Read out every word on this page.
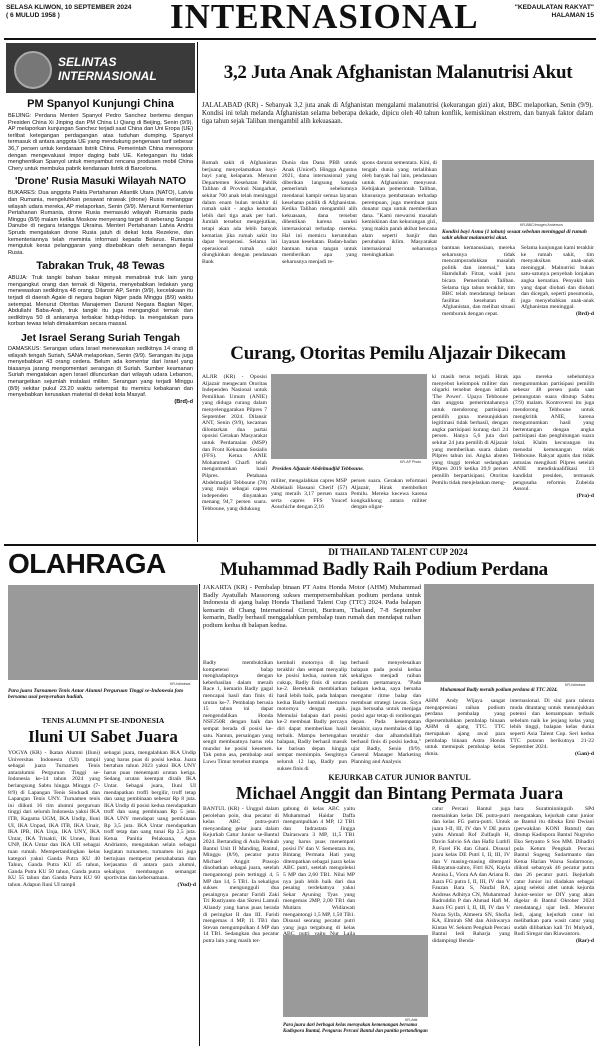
SELASA KLIWON, 10 SEPTEMBER 2024
( 6 MULUD 1958 )	INTERNASIONAL	"KEDAULATAN RAKYAT"
HALAMAN 15
SELINTAS INTERNASIONAL
PM Spanyol Kunjungi China

BEIJING: Perdana Menteri Spanyol Pedro Sanchez bertemu dengan Presiden China Xi Jinping dan PM China Li Qiang di Beijing, Senin (9/9). AP melaporkan kunjungan Sanchez terjadi saat China dan Uni Eropa (UE) terlibat ketegangan perdagangan atas tuduhan dumping. Spanyol termasuk di antara anggota UE yang mendukung pengenaan tarif sebesar 36,7 persen untuk kendaraan listrik China. Pemerintah China merespons dengan mengevaluasi impor daging babi UE. Ketegangan itu tidak menghentikan Spanyol untuk menyambut rencana produsen mobil China Chery untuk membuka pabrik kendaraan listrik di Barcelona.

'Drone' Rusia Masuki Wilayah NATO

BUKARES: Dua anggota Pakta Pertahanan Atlantik Utara (NATO), Latvia dan Rumania, mengeluhkan pesawat nirawak (drone) Rusia melanggar wilayah udara mereka, AP melaporkan, Senin (9/9). Menurut Kementerian Pertahanan Rumania, drone Rusia memasuki wilayah Rumania pada Minggu (8/9) malam ketika Moskow menyerang target di seberang Sungai Danube di negara tetangga Ukraina. Menteri Pertahanan Latvia Andris Spruds mengatakan drone Rusia jatuh di dekat kota Rezekne, dan kementeriannya telah meminta informasi kepada Belarus. Rumania mengutuk keras pelanggaran yang disebabkan oleh serangan ilegal Rusia.

Tabrakan Truk, 48 Tewas

ABUJA: Truk tangki bahan bakar minyak menabrak truk lain yang mengangkut orang dan ternak di Nigeria, menyebabkan ledakan yang menewaskan sedikitnya 48 orang. Dilansir AP, Senin (9/9), kecelakaan itu terjadi di daerah Agaie di negara bagian Niger pada Minggu (8/9) waktu setempat. Menurut Otoritas Manajemen Darurat Negara Bagian Niger, Abdullahi Baba-Arah, truk tangki itu juga mengangkut ternak dan sedikitnya 50 di antaranya terbakar hidup-hidup. Ia mengatakan para korban tewas telah dimakamkan secara massal.

Jet Israel Serang Suriah Tengah

DAMASKUS: Serangan udara Israel menewaskan sedikitnya 14 orang di wilayah tengah Suriah, SANA melaporkan, Senin (9/9). Serangan itu juga menyebabkan 43 orang cedera. Belum ada komentar dari Israel yang biasanya jarang mengomentari serangan di Suriah. Sumber keamanan Suriah mengatakan agen Israel diluncurkan dari wilayah udara Lebanon, menargetkan sejumlah instalasi militer. Serangan yang terjadi Minggu (8/9) sekitar pukul 23.20 waktu setempat itu memicu kebakaran dan menyebabkan kerusakan material di dekat kota Masyaf.

(Brd)-d
3,2 Juta Anak Afghanistan Malanutrisi Akut

JALALABAD (KR) - Sebanyak 3,2 juta anak di Afghanistan mengalami malanutrisi (kekurangan gizi) akut, BBC melaporkan, Senin (9/9). Kondisi ini telah melanda Afghanistan selama beberapa dekade, dipicu oleh 40 tahun konflik, kemiskinan ekstrem, dan banyak faktor dalam tiga tahun sejak Taliban mengambil alih kekuasaan.

Rumah sakit di Afghanistan berjuang menyelamatkan bayi-bayi yang kelaparan. Menurut Departemen Kesehatan Publik Taliban di Provinsi Nangarhar, sekitar 700 anak telah meninggal dalam enam bulan terakhir di rumah sakit - angka kematian lebih dari tiga anak per hari. Jumlah tersebut mengejutkan, tetapi akan ada lebih banyak kematian jika rumah sakit itu dapat beroperasi. Selama ini operasional rumah sakit diungkinkan dengan pendanaan Bank

Dunia dan Dana PBB untuk Anak (Unicef). Hingga Agustus 2021, dana internasional yang diberikan langsung kepada pemerintah sebelumnya mendanai hampir semua layanan kesehatan publik di Afghanistan. Ketika Taliban mengambil alih kekuasaan, dana tersebut dihentikan karena sanksi internasional terhadap mereka. Hal ini memicu keruntuhan layanan kesehatan. Badan-badan bantuan turun tangan untuk memberikan apa yang seharusnya menjadi re-

spons darurat sementara. Kini, di tengah dunia yang terlalihkan oleh banyak hal lain, pendanaan untuk Afghanistan menyusut. Kebijakan pemerintah Taliban, khususnya pembatasan terhadap perempuan, juga membuat para donatur ragu untuk memberikan dana. "Kami mewarisi masalah kemiskinan dan kekurangan gizi, yang makin parah akibat bencana alam seperti banjir dan perubahan iklim. Masyarakat internasional seharusnya meningkatkan

KR-BBC/Imogen Anderson

Kondisi bayi Asma (1 tahun) sesaat sebelum meninggal di rumah sakit akibat malanutrisi akut.

bantuan kemanusiaan, mereka seharusnya tidak mencampuradukkan masalah politik dan internal," kata Hamdullah Fitrat, wakil juru bicara Pemerintah Taliban. Selama tiga tahun terakhir, tim BBC telah mendatangi belasan fasilitas kesehatan di Afghanistan, dan melihat situasi memburuk dengan cepat.

Selama kunjungan kami terakhir ke rumah sakit, tim menyaksikan anak-anak meninggal. Malnutrisi bukan satu-satunya penyebab lonjakan angka kematian. Penyakit lain yang dapat diobati dan diobati dan dicegah, seperti pneumonia, juga menyebabkan anak-anak Afghanistan meninggal.

(Brd)-d
Curang, Otoritas Pemilu Aljazair Dikecam

ALJIR (KR) - Oposisi Aljazair mengecam Otoritas Independen Nasional untuk Pemilihan Umum (ANIE) yang diduga curang dalam menyelenggarakan Pilpres 7 September 2024. Dilansir ANT, Senin (9/9), kecaman dilontarkan dua partai oposisi Gerakan Masyarakat untuk Perdamaian (MSP) dan Front Kekuatan Sosialis (FFS). Ketua ANIE Mohammed Charfi telah mengumumkan hasil Pilpres. Petahana Abdelmadjid Tebboune (78) yang maju sebagai capres independen dinyatakan menang 94,7 persen suara. Tebboune, yang didukung

KR-AP Photo

Presiden Aljazair Abdelmadjid Tebboune.

militer, mengalahkan capres MSP Abdelaali Hassani Cherif (57) yang meraih 3,17 persen suara serta capres FFS Youcef Aouchiche dengan 2,16

persen suara. Gerakan reformasi Aljazair, Hirak membolkot Pemilu. Mereka kecewa karena kongkalikong antara militer dengan oligar-

ki masih terus terjadi. Hirak menyebut kelompok militer dan oligarki tersebut dengan istilah 'The Power'. Upaya Tebboune dan anggota pemerintahannya untuk mendorong partisipasi pemilih guna menunjukkan legitimasi tidak berhasil, dengan angka partisipasi kurang dari 24 persen. Hanya 5,6 juta dari sekitar 24 juta pemilih di Aljazair yang memberikan suara dalam Pilpres tahun ini. Angka absten yang tinggi terekat sedangkan Pilpres 2019 ketika 39,9 persen pemilih berpartisipasi. Otoritas Pemilu tidak menjelaskan meng-

apa mereka sebelumnya mengumumkan partisipasi pemilih sebesar 48 persen pada saat pemungutan suara ditutup Sabtu (7/9) malam. Kontroversi itu juga mendorong Tebboune untuk mengkritik ANIE, karena mengumumkan hasil yang bertentangan dengan angka partisipasi dan penghitungan suara lokal. Klaim kecurangan itu menodai kemenangan telak Tebboune. Rakyat apatis dan tidak antusias mengikuti Pilpres setelah ANIE mendiskualifikasi 13 kandidat presiden, termasuk pengusaha reformis Zubeida Assoul.

(Pra)-d
OLAHRAGA	DI THAILAND TALENT CUP 2024
Muhammad Badly Raih Podium Perdana
KR-Istimewa

Para juara Turnamen Tenis Antar Alumni Perguruan Tinggi se-Indonesia foto bersama usai penyerahan hadiah.

JAKARTA (KR) - Pembalap binaan PT Astra Honda Motor (AHM) Muhammad Badly Ayatullah Massorong sukses mempersembahkan podium perdana untuk Indonesia di ajang balap Honda Thailand Talent Cup (TTC) 2024. Pada balapan kemarin di Chang International Circuit, Buriram, Thailand, 7-8 September kemarin, Badly berhasil menggalahkan pembalap tuan rumah dan mendapat raihan podium kedua di balapan kedua.

KR-Istimewa

Muhammad Badly meraih podium perdana di TTC 2024.

Badly membuktikan kompetensi balap menghadapinya dengan keberhasilan dalam meraih Race 1, kemarin Badly gagal mencapai hasil dan finis di urutan ke-7. Pembalap berusia 15 tahun ini dapat mengendalikan Honda NSF250R dengan baik dan sempat berada di posisi ke-satu. Namun, persaingan yang sengit membuatnya harus rela mundur ke posisi kesemen. Tak putus asa, pembalap asal Luwu Timur tersebut mampu

kembali motornya di lap terakhir dan sempat menyalip ke posisi kedua, namun tak cukup, Badly finis di urutan ke-2. Berteknik membiarkan hasil lebih baik, pada balapan kedua Badly kembali memacu motornya dengan apik. Memulai balapan dari posisi ke-2 membuat Badly percaya diri dapat memberikan hasil terbaik. Mampu bertengahan balapan, Badly berhasil masuk ke barisan depan hingga sempat memimpin. Sengitnya seluruh 12 lap, Badly pun sukses finis di

berhasil menyelesaikan balapan pada posisi kedua sekaligus menjadi raihan podium pertamanya. "Pada balapan kedua, saya bersaha mengatur ritme balap dan membuat strategi lawan. Saya juga berusaha untuk menjaga posisi agar tetap di rombongan depan. Pada kesempatan berakhir, saya membalas di lap terakhir dan alhamdulillah berhasil finis di posisi kedua," ujar Badly, Senin (9/9). General Manager Marketing Planning and Analysis

AHM Andy Wijaya sangat mengapresiasi raihan podium perdana pembalap yang dipersembahkan pembalap binaan AHM di ajang TTC. TTC merupakan ajang awal para pembalap binaan Astra Honda untuk memupuk pembalap kelas dunia.

internasional. Di sini para talenta muda ditantang untuk menunjukkan potensi dan kemampuan terbaik sebelum naik ke jenjang kelas yang lebih tinggi, balapan kelas dunia seperti Asia Talent Cup. Seri kedua TTC putaran berikutnya 21-22 September 2024.

(Gan)-d
TENIS ALUMNI PT SE-INDONESIA
Iluni UI Sabet Juara

YOGYA (KR) - Ikatan Alumni (Iluni) Universitas Indonesia (UI) tampil sebagai juara Turnamen Tenis antaralumni Perguruan Tinggi se-Indonesia ke-14 tahun 2024 yang berlangsung Sabtu hingga Minggu (7-8/9) di Lapangan Tenis Sinduadi dan Lapangan Tenis UNY. Turnamen tenis ini diikuti 16 tim alumni perguruan tinggi dari seluruh Indonesia yakni IKA ITB, Kagama UGM, IKA Undip, Iluni UI, IKA Unpad, IKA ITB, IKA Unair, IKA IPB, IKA Unja, IKA UNY, IKA Untar, IKA Trisakti, IK Unnes, Iluni UNP, IKA Untar dan IKA UII sebagai tuan rumah. Mempertandingkan kelas kategori yakni Ganda Putra KU 40 Tahun, Ganda Putra KU 45 tahun, Ganda Putra KU 50 tahun, Ganda putra KU 55 tahun dan Ganda Putra KU 60 tahun. Adapun Iluni UI tampil

sebagai juara, mengalahkan IKA Undip yang harus puas di posisi kedua. Juara bertahan tahun 2023 yakni IKA UNY harus puas menempati urutan ketiga. Sedang urutan keempat diraih IKA Untar. Sebagai juara, Iluni UI mendapatkan troffi bergilir, troff tetap dan uang pembinaan sebesar Rp 8 juta. IKA Undip di posisi kedua mendapatkan troff dan uang pembinaan Rp 5 juta. IKA UNY mendapat uang pembinaan Rp 3,5 juta. IKA Untar mendapatkan troff tetap dan uang tunai Rp 2,5 juta. Ketua Panitia Pelaksana, Agus Andrianto, mengatakan selain sebagai kegiatan turnamen, turnamen ini juga bertujuan memperat persahabatan dan kerjasama di antara para alumni, sekaligus membangun semangat sportivitas dan kebersamaan.

(Yud)-d
KEJURKAB CATUR JUNIOR BANTUL
Michael Anggit dan Bintang Permata Juara

BANTUL (KR) - Unggul dalam perolehan poin, dua pecatur di kelas ABC putra-putri menyandang gelar juara dalam Kejurkab Catur Junior se-Bantul 2024. Bertanding di Aula Pemkab Bantul Unit II Manding, Bantul, Minggu (8/9), pecatur putra Michael Anggit Prasojo dinobatkan sebagai juara, setelah mengantongi poin tertinggi 4, 5 MP dan 14, 5 TB1. Ia sekaligus sukses mengungguli dua pesaingnya pecatur Faridi Zaki Tri Rustiyanto dan Skresi Lamuli Aliandy yang harus puas berada di peringkat II dan III. Faridi mengemas 4 MP, 11 TB1 dan Stevan mengumpulkan 4 MP dan 14 TB1. Sedangkan dua pecatur putra lain yang masih ter-

gabung di kelas ABC yaitu Muhammad Haidar Daffa mengumpulkan 4 MP, 12 TB1 dan Indrastata Jingga Dairaswara 3 MP, 11,5 TB1 yang harus puas menempati posisi IV dan V. Sementara itu, Bintang Permata Hati yang ditempatkan sebagai juara kelas ABC putri, setelah mengoleksi 5 MP dan 2,60 TB1. Nilai MP nya jauh lebih baik dari dua pesaing terdekatnya yakni Sekar Ayuning Tyas yang mengemas 2MP, 2,00 TB1 dan Mutiara Widiawati mengantongi 1,5 MP, 1,50 TB1. Disusul seorang pecatur putri yang juga tergabung di kelas

KR-Attir

Para juara dari berbagai kelas merayakan kemenangan bersama Kadispora Bantul, Pengurus Percasi Bantul dan panitia pertandingan

catur Percasi Bantul juga memainkan kelas DE putra-putri dan kelas FG putra-putri. Untuk juara I-II, III, IV dan V DE putra yaitu Ahmad Rof Zulfaqih H, Davin Salvio SA dan Hafiz Luthfi P, Farel FK dan Ghani. Disusul juara kelas DE Putri I, II, III, IV dan V masing-masing ditempati Hidayatun-zahro, Fitri KN, Kayla Annisa L, Viora AA dan Ariana R. Juara FG putra I, II, III, IV dan V Fauzan Bara S, Naufal RA, Andreas Adhitya CN, Muhammad Badruddin P dan Ahmad Hafi M. Juara FG putri I, II, III, IV dan V Nurza Syifa, Almeera SN, Shofia KA, Elmirah SM dan Aishwarya Kintan W. Sekum Pengkab Percasi Bantul Iedi Raharja yang didampingi Benda-

hara Suratminningsih SPd mengatakan, kejurkab catur junior se Bantul itu dibuka Emi Dwiani (perwakilan KONI Bantul) dan ditutup Kadispora Bantul Nugroho Eko Setyanto S Sos MM. Dihadiri pula Ketum Pengkab Percasi Bantul Sugeng Sudarmanto dan Ketua Harian Warsa Sudarmono, diikuti sebanyak 46 pecatur putra dan 26 pecatur putri. Ikejurkab catur Junior ini diadakan sebagai ajang seleksi atlet untuk kejurda Junior-senior se DIY yang akan digelar di Bantul Oktober 2024 mendatang,i ujar Iedi. Menurut Iedi, ajang kejurkab catur ini melibatkan para wasit catur yang sudah dilibatkan kali Tri Mulyadi, Rudi Siregar dan Riawantoro.

(Rar)-d
